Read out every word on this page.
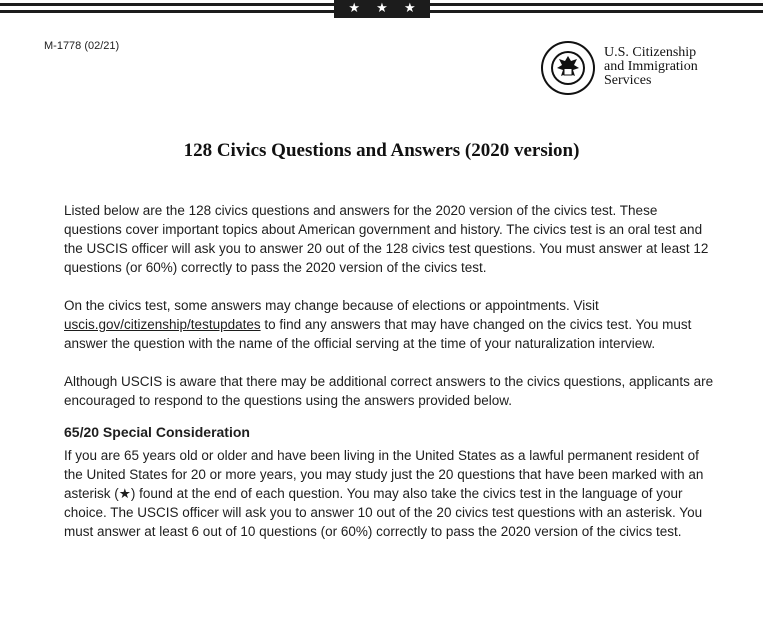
★ ★ ★ ★
M-1778 (02/21)	U.S. Citizenship
and Immigration
Services
128 Civics Questions and Answers (2020 version)

Listed below are the 128 civics questions and answers for the 2020 version of the civics test. These questions cover important topics about American government and history. The civics test is an oral test and the USCIS officer will ask you to answer 20 out of the 128 civics test questions. You must answer at least 12 questions (or 60%) correctly to pass the 2020 version of the civics test.

On the civics test, some answers may change because of elections or appointments. Visit uscis.gov/citizenship/testupdates to find any answers that may have changed on the civics test. You must answer the question with the name of the official serving at the time of your naturalization interview.

Although USCIS is aware that there may be additional correct answers to the civics questions, applicants are encouraged to respond to the questions using the answers provided below.

65/20 Special Consideration

If you are 65 years old or older and have been living in the United States as a lawful permanent resident of the United States for 20 or more years, you may study just the 20 questions that have been marked with an asterisk (★) found at the end of each question. You may also take the civics test in the language of your choice. The USCIS officer will ask you to answer 10 out of the 20 civics test questions with an asterisk. You must answer at least 6 out of 10 questions (or 60%) correctly to pass the 2020 version of the civics test.
